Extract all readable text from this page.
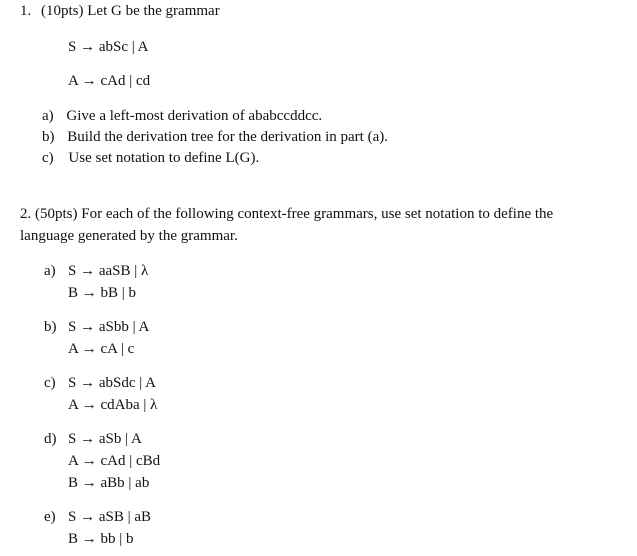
1. (10pts) Let G be the grammar
S → abSc | A
A → cAd | cd
a) Give a left-most derivation of ababccddcc.
b) Build the derivation tree for the derivation in part (a).
c) Use set notation to define L(G).
2. (50pts) For each of the following context-free grammars, use set notation to define the
language generated by the grammar.
a) S → aaSB | λ
B → bB | b
b) S → aSbb | A
A → cA | c
c) S → abSdc | A
A → cdAba | λ
d) S → aSb | A
A → cAd | cBd
B → aBb | ab
e) S → aSB | aB
B → bb | b
